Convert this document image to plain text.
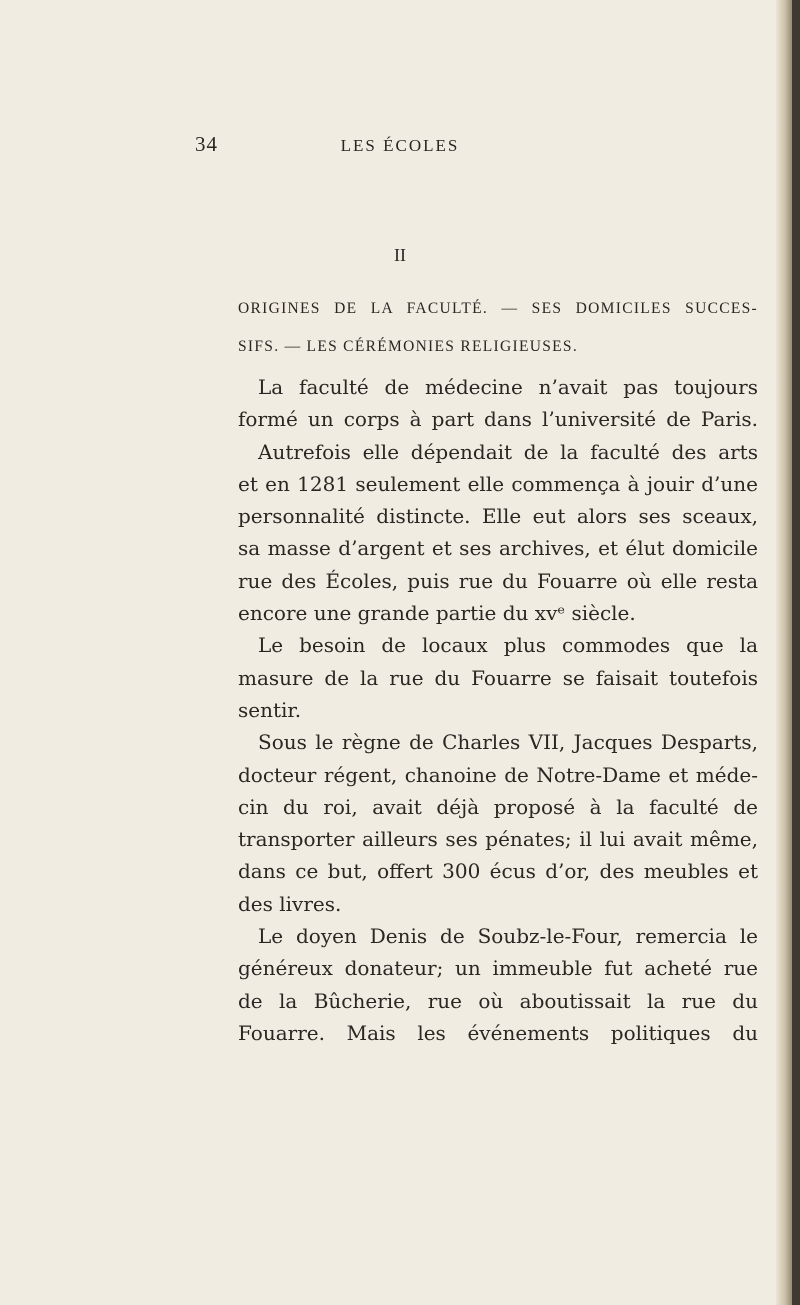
34	LES ÉCOLES
II
ORIGINES DE LA FACULTÉ. — SES DOMICILES SUCCES-
SIFS. — LES CÉRÉMONIES RELIGIEUSES.
La faculté de médecine n’avait pas toujours
formé un corps à part dans l’université de Paris.
Autrefois elle dépendait de la faculté des arts
et en 1281 seulement elle commença à jouir d’une
personnalité distincte. Elle eut alors ses sceaux,
sa masse d’argent et ses archives, et élut domicile
rue des Écoles, puis rue du Fouarre où elle resta
encore une grande partie du xvᵉ siècle.
Le besoin de locaux plus commodes que la
masure de la rue du Fouarre se faisait toutefois
sentir.
Sous le règne de Charles VII, Jacques Desparts,
docteur régent, chanoine de Notre-Dame et méde-
cin du roi, avait déjà proposé à la faculté de
transporter ailleurs ses pénates; il lui avait même,
dans ce but, offert 300 écus d’or, des meubles et
des livres.
Le doyen Denis de Soubz-le-Four, remercia le
généreux donateur; un immeuble fut acheté rue
de la Bûcherie, rue où aboutissait la rue du
Fouarre. Mais les événements politiques du
